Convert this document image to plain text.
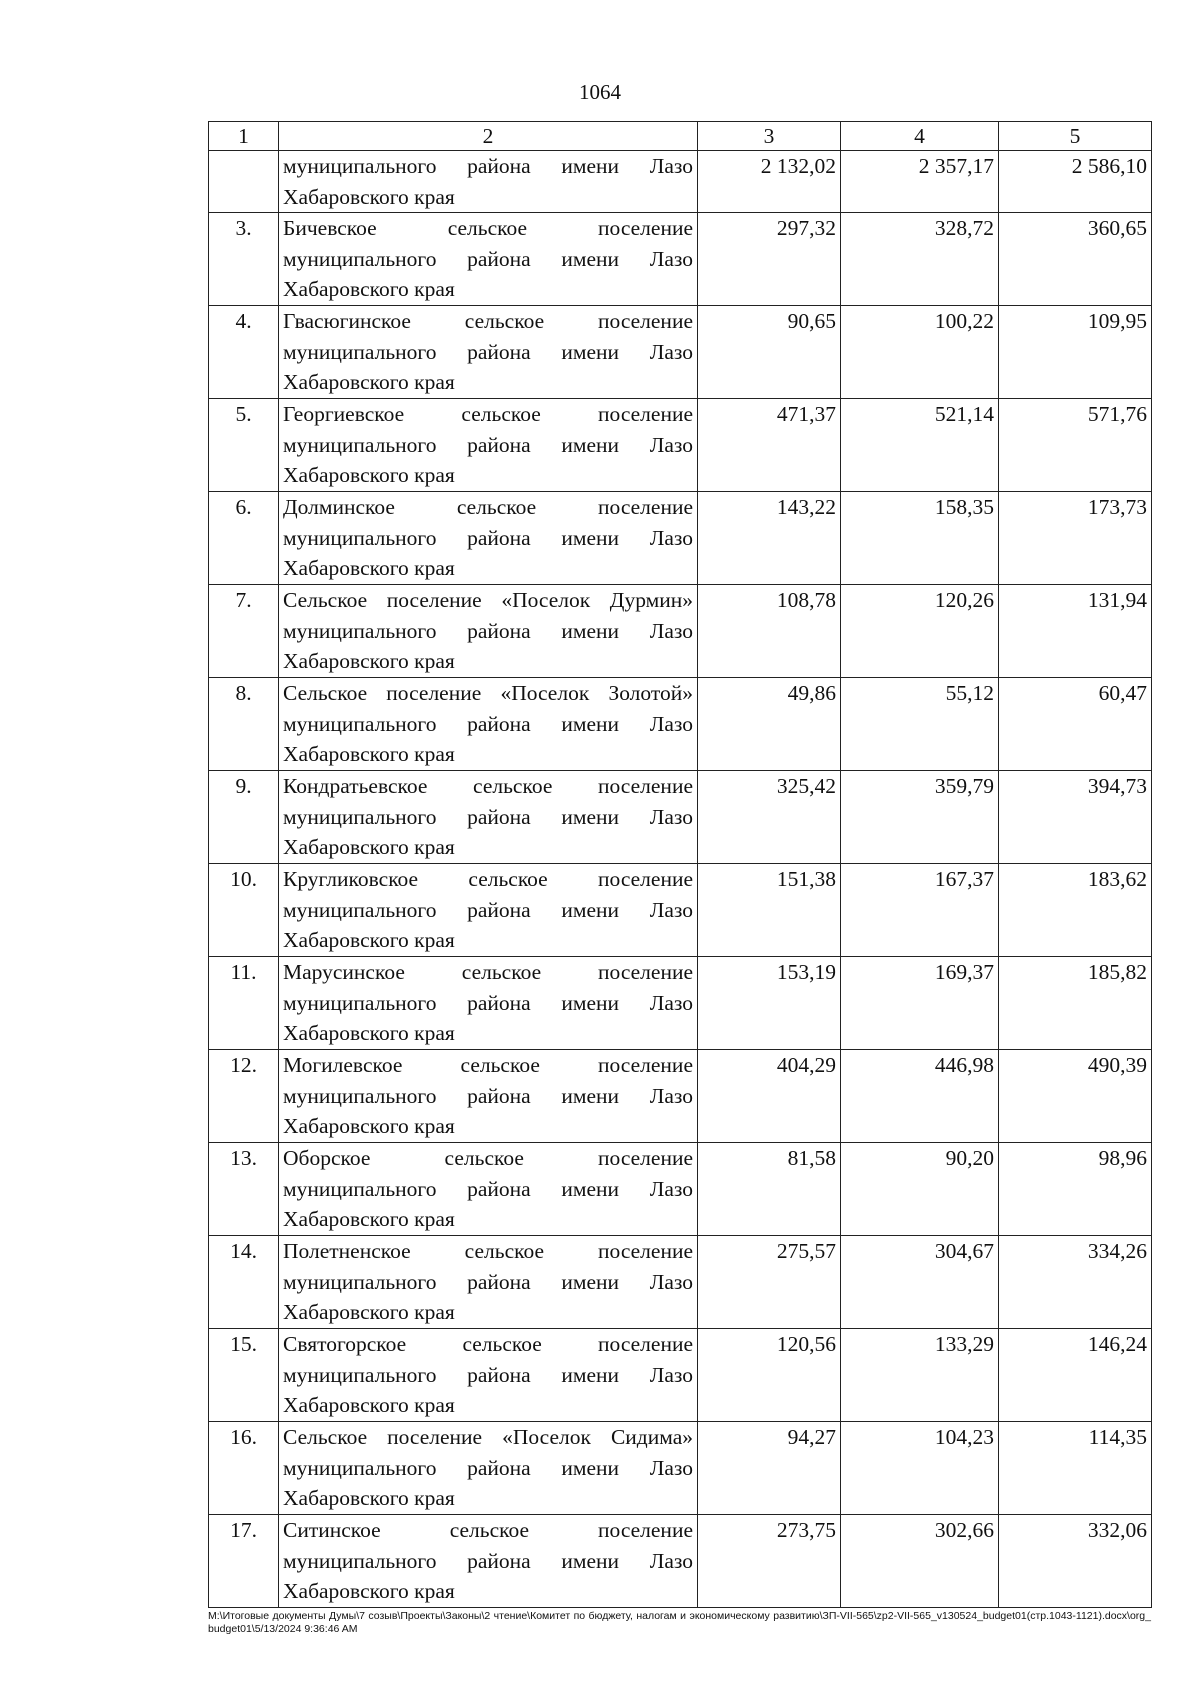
1064
1	2	3	4	5
	муниципального района имени Лазо Хабаровского края	2 132,02	2 357,17	2 586,10
3.	Бичевское сельское поселение муниципального района имени Лазо Хабаровского края	297,32	328,72	360,65
4.	Гвасюгинское сельское поселение муниципального района имени Лазо Хабаровского края	90,65	100,22	109,95
5.	Георгиевское сельское поселение муниципального района имени Лазо Хабаровского края	471,37	521,14	571,76
6.	Долминское сельское поселение муниципального района имени Лазо Хабаровского края	143,22	158,35	173,73
7.	Сельское поселение «Поселок Дурмин» муниципального района имени Лазо Хабаровского края	108,78	120,26	131,94
8.	Сельское поселение «Поселок Золотой» муниципального района имени Лазо Хабаровского края	49,86	55,12	60,47
9.	Кондратьевское сельское поселение муниципального района имени Лазо Хабаровского края	325,42	359,79	394,73
10.	Кругликовское сельское поселение муниципального района имени Лазо Хабаровского края	151,38	167,37	183,62
11.	Марусинское сельское поселение муниципального района имени Лазо Хабаровского края	153,19	169,37	185,82
12.	Могилевское сельское поселение муниципального района имени Лазо Хабаровского края	404,29	446,98	490,39
13.	Оборское сельское поселение муниципального района имени Лазо Хабаровского края	81,58	90,20	98,96
14.	Полетненское сельское поселение муниципального района имени Лазо Хабаровского края	275,57	304,67	334,26
15.	Святогорское сельское поселение муниципального района имени Лазо Хабаровского края	120,56	133,29	146,24
16.	Сельское поселение «Поселок Сидима» муниципального района имени Лазо Хабаровского края	94,27	104,23	114,35
17.	Ситинское сельское поселение муниципального района имени Лазо Хабаровского края	273,75	302,66	332,06
М:\Итоговые документы Думы\7 созыв\Проекты\Законы\2 чтение\Комитет по бюджету, налогам и экономическому развитию\ЗП-VII-565\zp2-VII-565_v130524_budget01(стр.1043-1121).docx\org_budget01\5/13/2024 9:36:46 AM
